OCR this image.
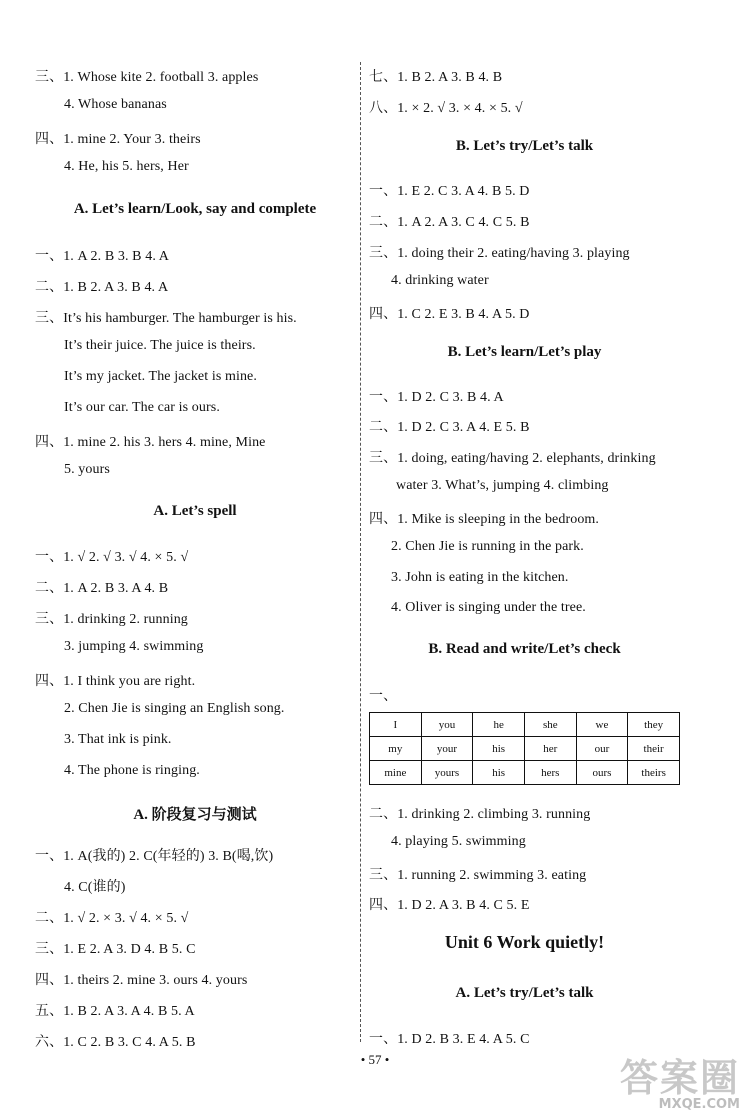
三、1. Whose kite 2. football 3. apples
4. Whose bananas
四、1. mine 2. Your 3. theirs
4. He, his 5. hers, Her
A. Let’s learn/Look, say and complete
一、1. A 2. B 3. B 4. A
二、1. B 2. A 3. B 4. A
三、It’s his hamburger. The hamburger is his.
It’s their juice. The juice is theirs.
It’s my jacket. The jacket is mine.
It’s our car. The car is ours.
四、1. mine 2. his 3. hers 4. mine, Mine
5. yours
A. Let’s spell
一、1. √ 2. √ 3. √ 4. × 5. √
二、1. A 2. B 3. A 4. B
三、1. drinking 2. running
3. jumping 4. swimming
四、1. I think you are right.
2. Chen Jie is singing an English song.
3. That ink is pink.
4. The phone is ringing.
A. 阶段复习与测试
一、1. A(我的) 2. C(年轻的) 3. B(喝,饮)
4. C(谁的)
二、1. √ 2. × 3. √ 4. × 5. √
三、1. E 2. A 3. D 4. B 5. C
四、1. theirs 2. mine 3. ours 4. yours
五、1. B 2. A 3. A 4. B 5. A
六、1. C 2. B 3. C 4. A 5. B
七、1. B 2. A 3. B 4. B
八、1. × 2. √ 3. × 4. × 5. √
B. Let’s try/Let’s talk
一、1. E 2. C 3. A 4. B 5. D
二、1. A 2. A 3. C 4. C 5. B
三、1. doing their 2. eating/having 3. playing
4. drinking water
四、1. C 2. E 3. B 4. A 5. D
B. Let’s learn/Let’s play
一、1. D 2. C 3. B 4. A
二、1. D 2. C 3. A 4. E 5. B
三、1. doing, eating/having 2. elephants, drinking
water 3. What’s, jumping 4. climbing
四、1. Mike is sleeping in the bedroom.
2. Chen Jie is running in the park.
3. John is eating in the kitchen.
4. Oliver is singing under the tree.
B. Read and write/Let’s check
一、
I	you	he	she	we	they
my	your	his	her	our	their
mine	yours	his	hers	ours	theirs
二、1. drinking 2. climbing 3. running
4. playing 5. swimming
三、1. running 2. swimming 3. eating
四、1. D 2. A 3. B 4. C 5. E
Unit 6 Work quietly!
A. Let’s try/Let’s talk
一、1. D 2. B 3. E 4. A 5. C
• 57 •	答案圈
MXQE.COM
